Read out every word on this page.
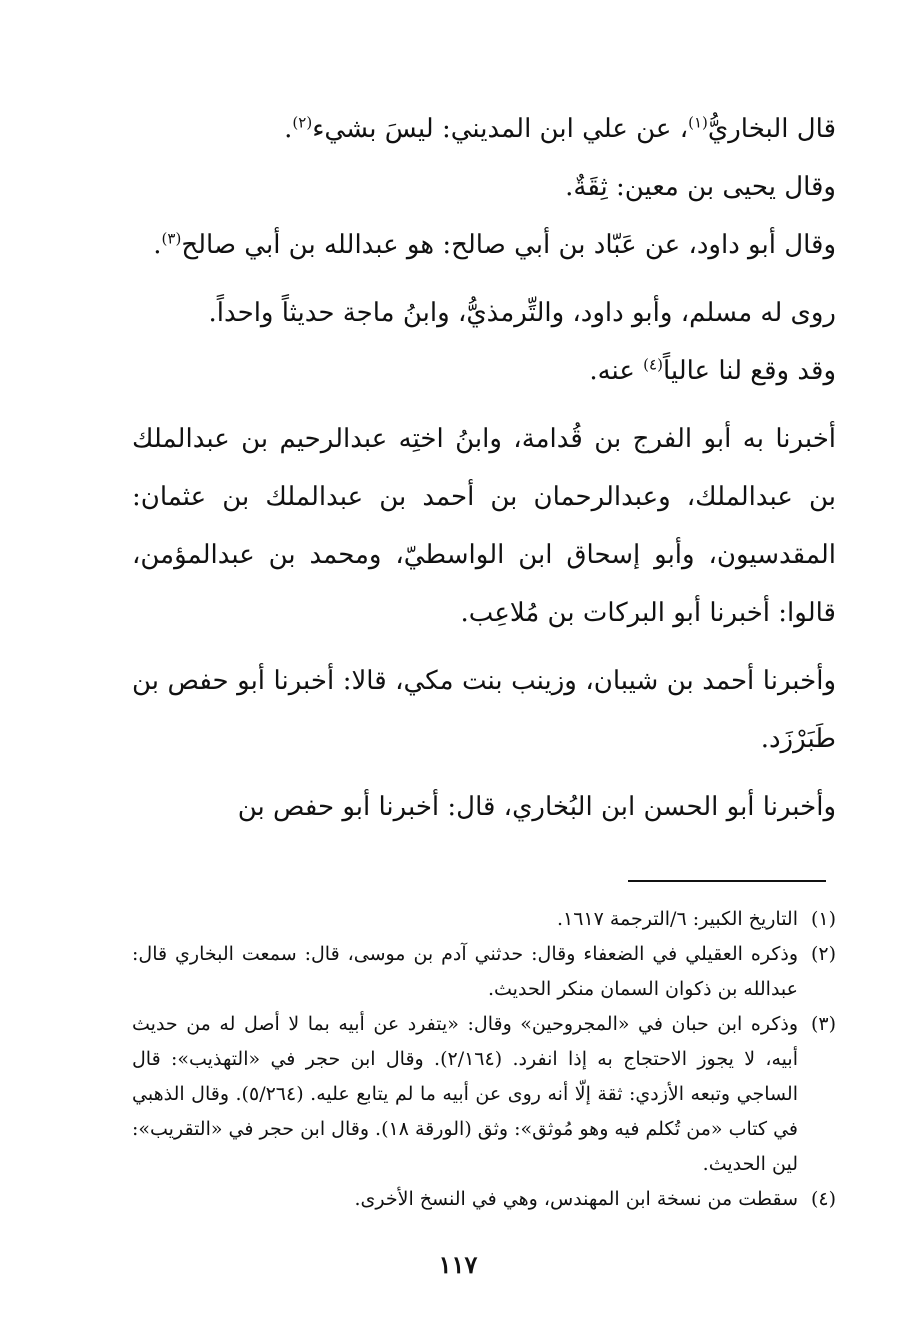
قال البخاريُّ$^{(١)}$، عن علي ابن المديني: ليسَ بشيء$^{(٢)}$.

وقال يحيى بن معين: ثِقَةٌ.

وقال أبو داود، عن عَبّاد بن أبي صالح: هو عبدالله بن أبي صالح$^{(٣)}$.

روى له مسلم، وأبو داود، والتِّرمذيُّ، وابنُ ماجة حديثاً واحداً.

وقد وقع لنا عالياً$^{(٤)}$ عنه.

أخبرنا به أبو الفرج بن قُدامة، وابنُ اختِه عبدالرحيم بن عبدالملك بن عبدالملك، وعبدالرحمان بن أحمد بن عبدالملك بن عثمان: المقدسيون، وأبو إسحاق ابن الواسطيّ، ومحمد بن عبدالمؤمن، قالوا: أخبرنا أبو البركات بن مُلاعِب.

وأخبرنا أحمد بن شيبان، وزينب بنت مكي، قالا: أخبرنا أبو حفص بن طَبَرْزَد.

وأخبرنا أبو الحسن ابن البُخاري، قال: أخبرنا أبو حفص بن

(١)
التاريخ الكبير: ٦/الترجمة ١٦١٧.
(٢)
وذكره العقيلي في الضعفاء وقال: حدثني آدم بن موسى، قال: سمعت البخاري قال: عبدالله بن ذكوان السمان منكر الحديث.
(٣)
وذكره ابن حبان في «المجروحين» وقال: «يتفرد عن أبيه بما لا أصل له من حديث أبيه، لا يجوز الاحتجاج به إذا انفرد. (٢/١٦٤). وقال ابن حجر في «التهذيب»: قال الساجي وتبعه الأزدي: ثقة إلّا أنه روى عن أبيه ما لم يتابع عليه. (٥/٢٦٤). وقال الذهبي في كتاب «من تُكلم فيه وهو مُوثق»: وثق (الورقة ١٨). وقال ابن حجر في «التقريب»: لين الحديث.
(٤)
سقطت من نسخة ابن المهندس، وهي في النسخ الأخرى.
١١٧
